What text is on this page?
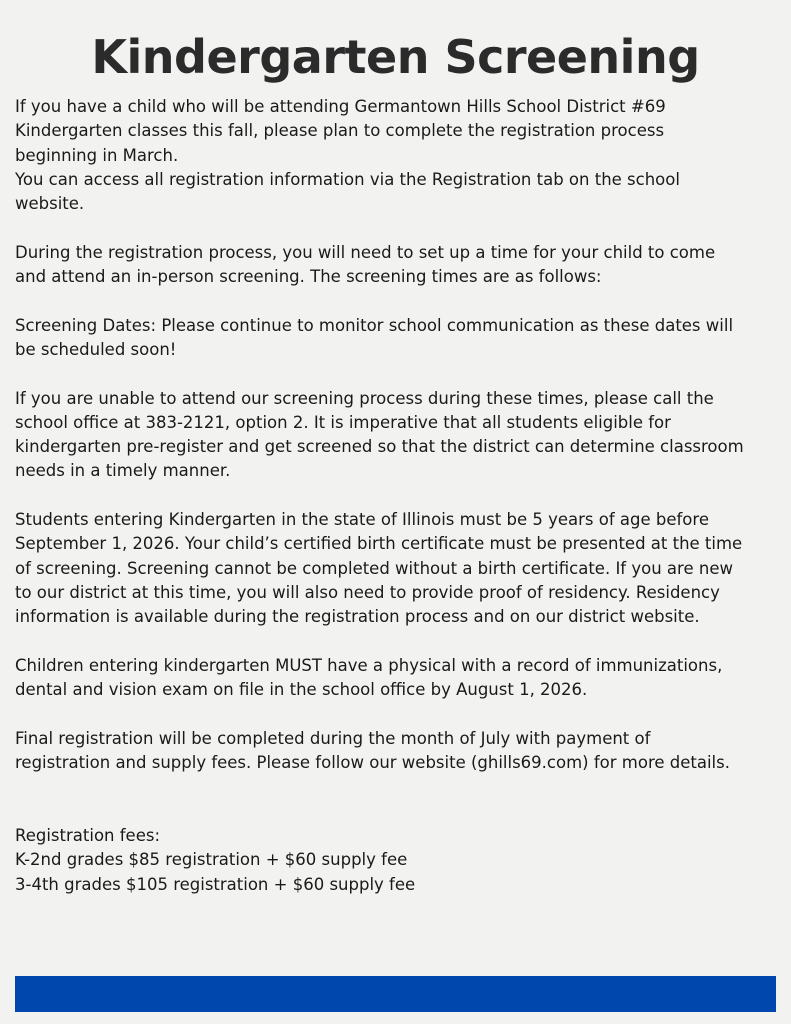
Kindergarten Screening

If you have a child who will be attending Germantown Hills School District #69
Kindergarten classes this fall, please plan to complete the registration process
beginning in March.
You can access all registration information via the Registration tab on the school
website.

During the registration process, you will need to set up a time for your child to come
and attend an in-person screening. The screening times are as follows:

Screening Dates: Please continue to monitor school communication as these dates will
be scheduled soon!

If you are unable to attend our screening process during these times, please call the
school office at 383-2121, option 2. It is imperative that all students eligible for
kindergarten pre-register and get screened so that the district can determine classroom
needs in a timely manner.

Students entering Kindergarten in the state of Illinois must be 5 years of age before
September 1, 2026. Your child’s certified birth certificate must be presented at the time
of screening. Screening cannot be completed without a birth certificate. If you are new
to our district at this time, you will also need to provide proof of residency. Residency
information is available during the registration process and on our district website.

Children entering kindergarten MUST have a physical with a record of immunizations,
dental and vision exam on file in the school office by August 1, 2026.

Final registration will be completed during the month of July with payment of
registration and supply fees. Please follow our website (ghills69.com) for more details.

Registration fees:
K-2nd grades $85 registration + $60 supply fee
3-4th grades $105 registration + $60 supply fee
